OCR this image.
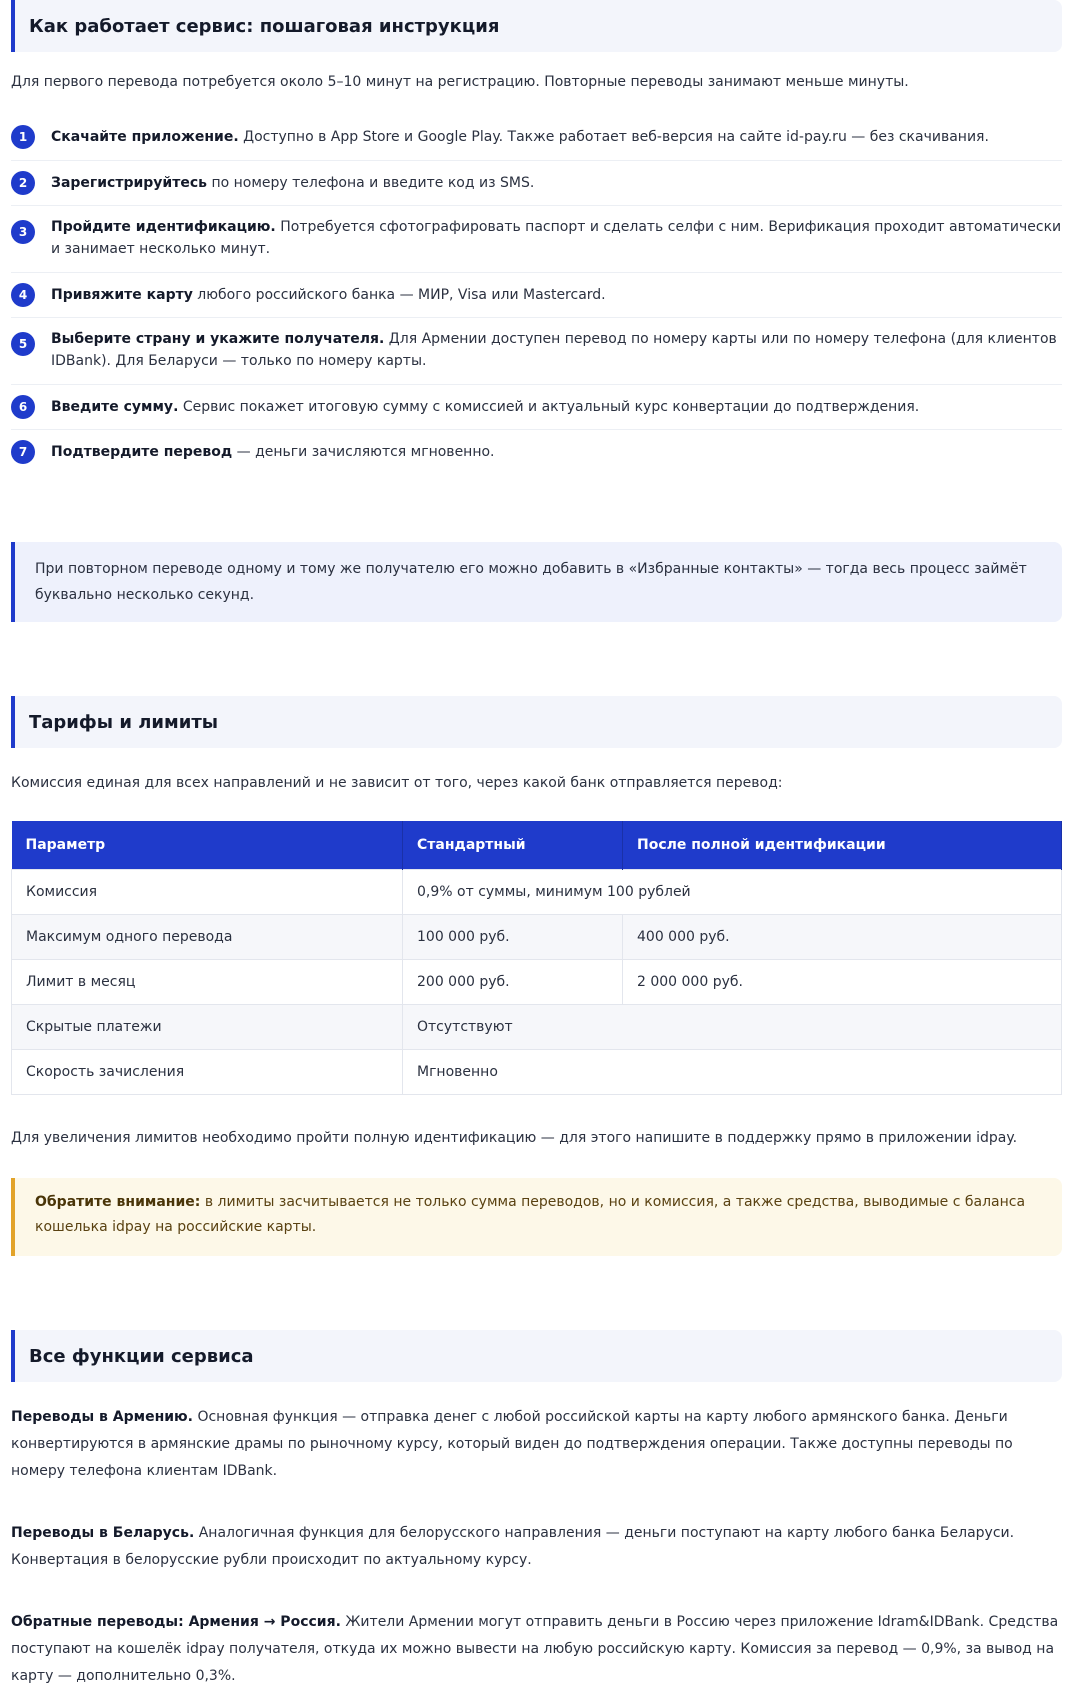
Как работает сервис: пошаговая инструкция

Для первого перевода потребуется около 5–10 минут на регистрацию. Повторные переводы занимают меньше минуты.

1	Скачайте приложение. Доступно в App Store и Google Play. Также работает веб-версия на сайте id-pay.ru — без скачивания.
2	Зарегистрируйтесь по номеру телефона и введите код из SMS.
3	Пройдите идентификацию. Потребуется сфотографировать паспорт и сделать селфи с ним. Верификация проходит автоматически и занимает несколько минут.
4	Привяжите карту любого российского банка — МИР, Visa или Mastercard.
5	Выберите страну и укажите получателя. Для Армении доступен перевод по номеру карты или по номеру телефона (для клиентов IDBank). Для Беларуси — только по номеру карты.
6	Введите сумму. Сервис покажет итоговую сумму с комиссией и актуальный курс конвертации до подтверждения.
7	Подтвердите перевод — деньги зачисляются мгновенно.
При повторном переводе одному и тому же получателю его можно добавить в «Избранные контакты» — тогда весь процесс займёт буквально несколько секунд.
Тарифы и лимиты

Комиссия единая для всех направлений и не зависит от того, через какой банк отправляется перевод:

Параметр	Стандартный	После полной идентификации
Комиссия	0,9% от суммы, минимум 100 рублей	
Максимум одного перевода	100 000 руб.	400 000 руб.
Лимит в месяц	200 000 руб.	2 000 000 руб.
Скрытые платежи	Отсутствуют	
Скорость зачисления	Мгновенно	

Для увеличения лимитов необходимо пройти полную идентификацию — для этого напишите в поддержку прямо в приложении idpay.

Обратите внимание: в лимиты засчитывается не только сумма переводов, но и комиссия, а также средства, выводимые с баланса кошелька idpay на российские карты.
Все функции сервиса

Переводы в Армению. Основная функция — отправка денег с любой российской карты на карту любого армянского банка. Деньги конвертируются в армянские драмы по рыночному курсу, который виден до подтверждения операции. Также доступны переводы по номеру телефона клиентам IDBank.

Переводы в Беларусь. Аналогичная функция для белорусского направления — деньги поступают на карту любого банка Беларуси. Конвертация в белорусские рубли происходит по актуальному курсу.

Обратные переводы: Армения → Россия. Жители Армении могут отправить деньги в Россию через приложение Idram&IDBank. Средства поступают на кошелёк idpay получателя, откуда их можно вывести на любую российскую карту. Комиссия за перевод — 0,9%, за вывод на карту — дополнительно 0,3%.
